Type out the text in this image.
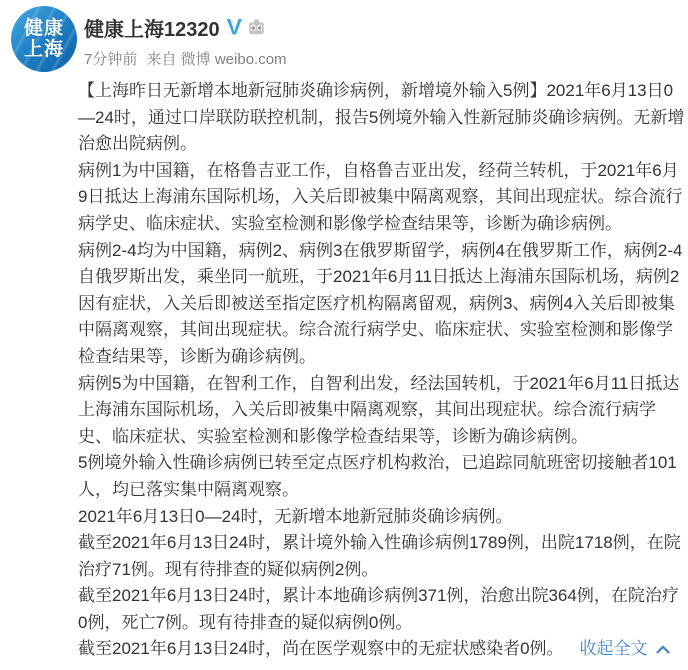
健康
上海
健康上海12320 V
7分钟前 来自 微博 weibo.com
【上海昨日无新增本地新冠肺炎确诊病例，新增境外输入5例】2021年6月13日0—24时，通过口岸联防联控机制，报告5例境外输入性新冠肺炎确诊病例。无新增治愈出院病例。
病例1为中国籍，在格鲁吉亚工作，自格鲁吉亚出发，经荷兰转机，于2021年6月9日抵达上海浦东国际机场，入关后即被集中隔离观察，其间出现症状。综合流行病学史、临床症状、实验室检测和影像学检查结果等，诊断为确诊病例。
病例2-4均为中国籍，病例2、病例3在俄罗斯留学，病例4在俄罗斯工作，病例2-4自俄罗斯出发，乘坐同一航班，于2021年6月11日抵达上海浦东国际机场，病例2因有症状，入关后即被送至指定医疗机构隔离留观，病例3、病例4入关后即被集中隔离观察，其间出现症状。综合流行病学史、临床症状、实验室检测和影像学检查结果等，诊断为确诊病例。
病例5为中国籍，在智利工作，自智利出发，经法国转机，于2021年6月11日抵达上海浦东国际机场，入关后即被集中隔离观察，其间出现症状。综合流行病学史、临床症状、实验室检测和影像学检查结果等，诊断为确诊病例。
5例境外输入性确诊病例已转至定点医疗机构救治，已追踪同航班密切接触者101人，均已落实集中隔离观察。
2021年6月13日0—24时，无新增本地新冠肺炎确诊病例。
截至2021年6月13日24时，累计境外输入性确诊病例1789例，出院1718例，在院治疗71例。现有待排查的疑似病例2例。
截至2021年6月13日24时，累计本地确诊病例371例，治愈出院364例，在院治疗0例，死亡7例。现有待排查的疑似病例0例。
截至2021年6月13日24时，尚在医学观察中的无症状感染者0例。 收起全文
